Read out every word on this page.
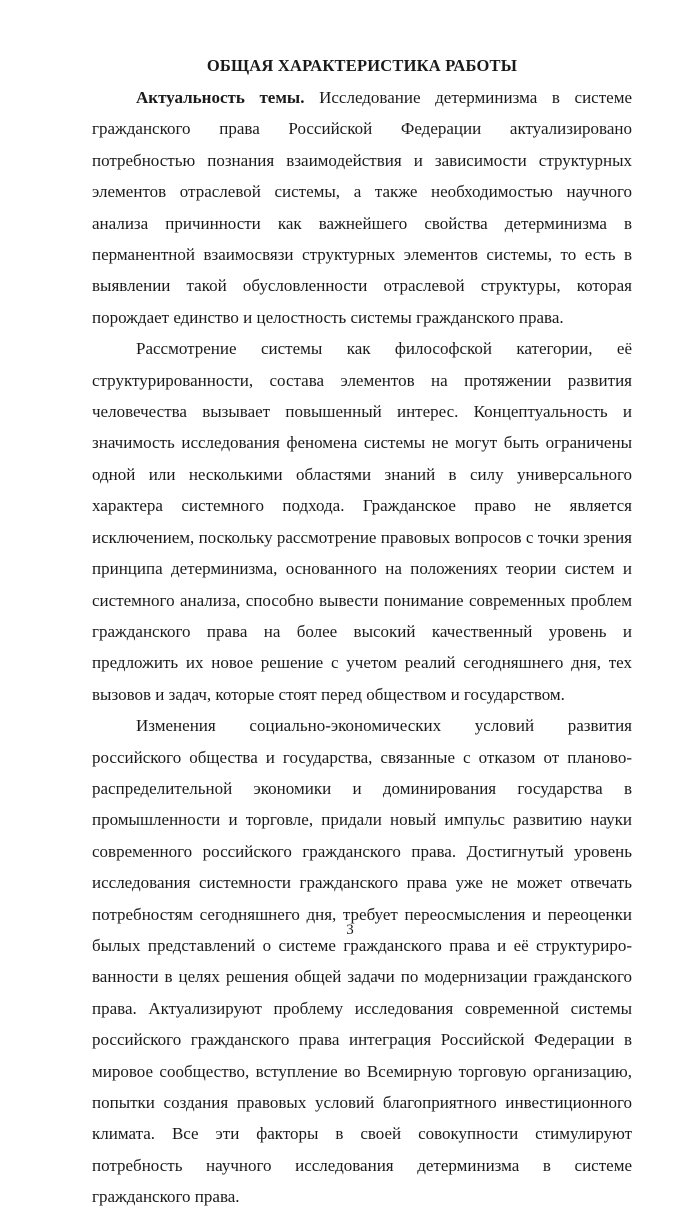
ОБЩАЯ ХАРАКТЕРИСТИКА РАБОТЫ

Актуальность темы. Исследование детерминизма в системе гражданского права Российской Федерации актуализировано потребностью познания взаимодействия и зависимости структурных элементов отраслевой системы, а также необходимостью научного анализа причинности как важнейшего свойства детерминизма в перманентной взаимосвязи структурных элементов системы, то есть в выявлении такой обусловленности отраслевой структуры, которая порождает единство и целостность системы гражданского права.

Рассмотрение системы как философской категории, её структурированности, состава элементов на протяжении развития человечества вызывает повышенный интерес. Концептуальность и значимость исследования феномена системы не могут быть ограничены одной или несколькими областями знаний в силу универсального характера системного подхода. Гражданское право не является исключением, поскольку рассмотрение правовых вопросов с точки зрения принципа детерминизма, основанного на положениях теории систем и системного анализа, способно вывести понимание современных проблем гражданского права на более высокий качественный уровень и предложить их новое решение с учетом реалий сегодняшнего дня, тех вызовов и задач, которые стоят перед обществом и государством.

Изменения социально-экономических условий развития российского общества и государства, связанные с отказом от планово-распределительной экономики и доминирования государства в промышленности и торговле, придали новый импульс развитию науки современного российского гражданского права. Достигнутый уровень исследования системности гражданского права уже не может отвечать потребностям сегодняшнего дня, требует переосмысления и переоценки былых представлений о системе гражданского права и её структурированности в целях решения общей задачи по модернизации гражданского права. Актуализируют проблему исследования современной системы российского гражданского права интеграция Российской Федерации в мировое сообщество, вступление во Всемирную торговую организацию, попытки создания правовых условий благоприятного инвестиционного климата. Все эти факторы в своей совокупности стимулируют потребность научного исследования детерминизма в системе гражданского права.

3
